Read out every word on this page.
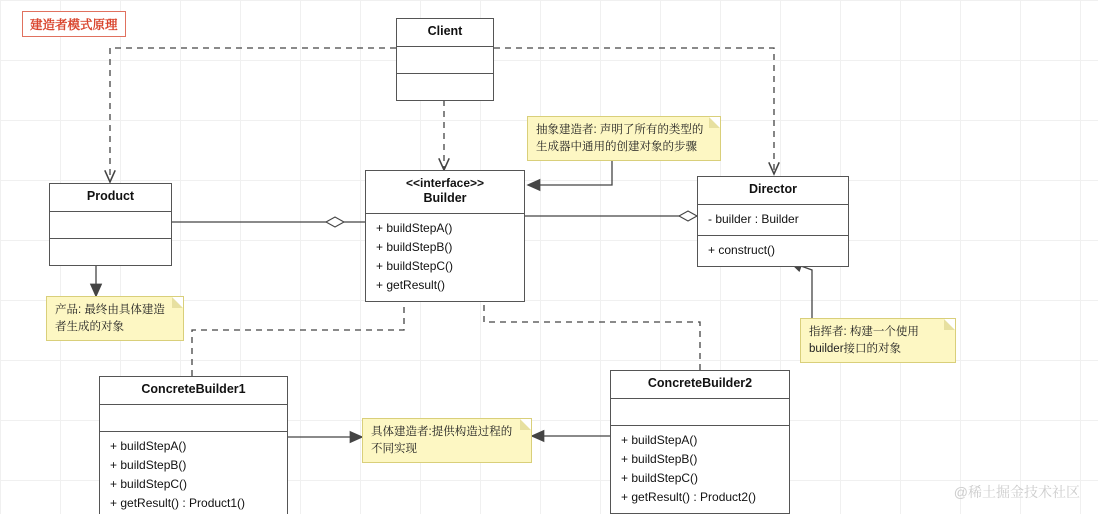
建造者模式原理	Client
Product
<<interface>>
Builder
+ buildStepA()
+ buildStepB()
+ buildStepC()
+ getResult()
Director
- builder : Builder
+ construct()
ConcreteBuilder1
+ buildStepA()
+ buildStepB()
+ buildStepC()
+ getResult() : Product1()
ConcreteBuilder2
+ buildStepA()
+ buildStepB()
+ buildStepC()
+ getResult() : Product2()
抽象建造者: 声明了所有的类型的生成器中通用的创建对象的步骤
产品: 最终由具体建造者生成的对象	指挥者: 构建一个使用builder接口的对象
具体建造者:提供构造过程的不同实现
@稀土掘金技术社区
